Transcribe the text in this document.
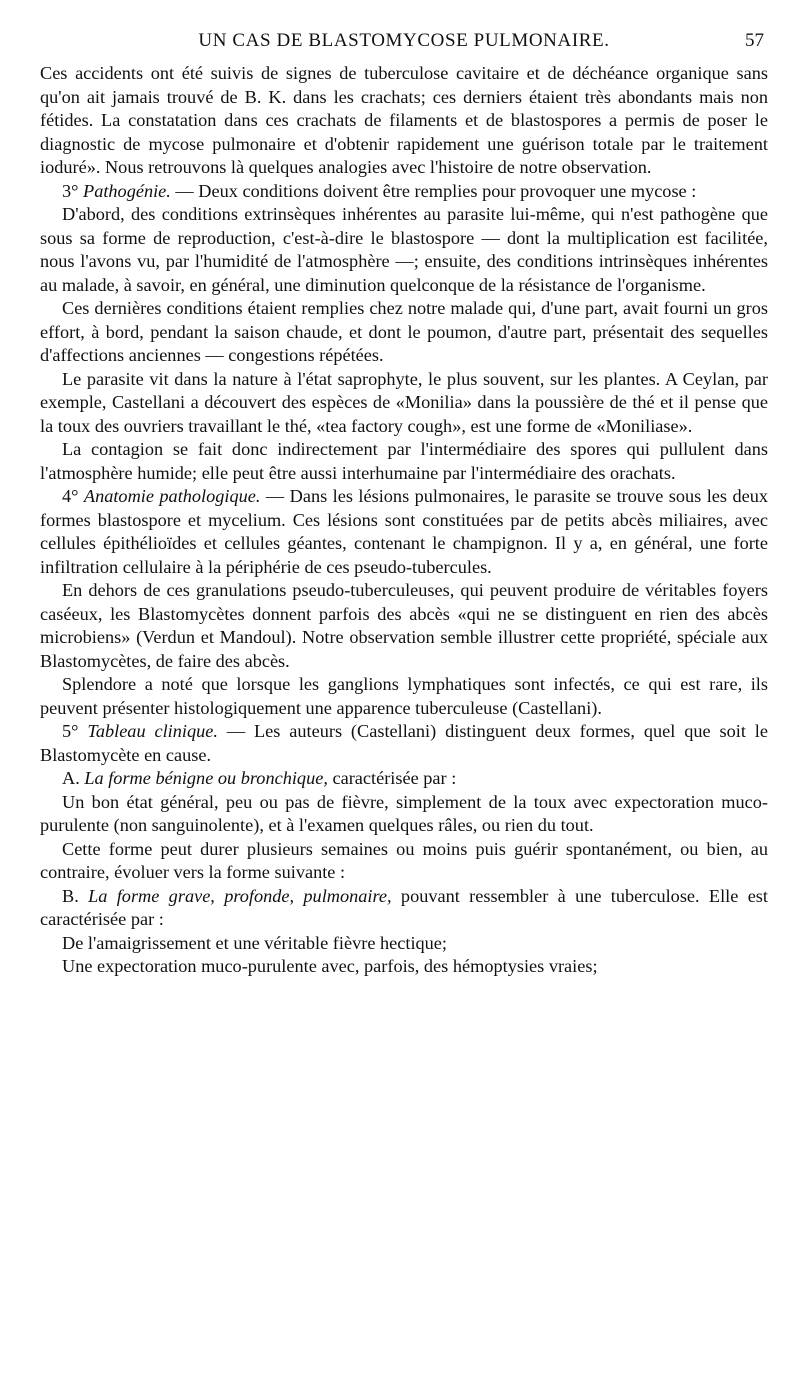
UN CAS DE BLASTOMYCOSE PULMONAIRE.	57

Ces accidents ont été suivis de signes de tuberculose cavitaire et de déchéance organique sans qu'on ait jamais trouvé de B. K. dans les crachats; ces derniers étaient très abondants mais non fétides. La constatation dans ces crachats de filaments et de blastospores a permis de poser le diagnostic de mycose pulmonaire et d'obtenir rapidement une guérison totale par le traitement ioduré». Nous retrouvons là quelques analogies avec l'histoire de notre observation.

3° Pathogénie. — Deux conditions doivent être remplies pour provoquer une mycose :

D'abord, des conditions extrinsèques inhérentes au parasite lui-même, qui n'est pathogène que sous sa forme de reproduction, c'est-à-dire le blastospore — dont la multiplication est facilitée, nous l'avons vu, par l'humidité de l'atmosphère —; ensuite, des conditions intrinsèques inhérentes au malade, à savoir, en général, une diminution quelconque de la résistance de l'organisme.

Ces dernières conditions étaient remplies chez notre malade qui, d'une part, avait fourni un gros effort, à bord, pendant la saison chaude, et dont le poumon, d'autre part, présentait des sequelles d'affections anciennes — congestions répétées.

Le parasite vit dans la nature à l'état saprophyte, le plus souvent, sur les plantes. A Ceylan, par exemple, Castellani a découvert des espèces de «Monilia» dans la poussière de thé et il pense que la toux des ouvriers travaillant le thé, «tea factory cough», est une forme de «Moniliase».

La contagion se fait donc indirectement par l'intermédiaire des spores qui pullulent dans l'atmosphère humide; elle peut être aussi interhumaine par l'intermédiaire des orachats.

4° Anatomie pathologique. — Dans les lésions pulmonaires, le parasite se trouve sous les deux formes blastospore et mycelium. Ces lésions sont constituées par de petits abcès miliaires, avec cellules épithélioïdes et cellules géantes, contenant le champignon. Il y a, en général, une forte infiltration cellulaire à la périphérie de ces pseudo-tubercules.

En dehors de ces granulations pseudo-tuberculeuses, qui peuvent produire de véritables foyers caséeux, les Blastomycètes donnent parfois des abcès «qui ne se distinguent en rien des abcès microbiens» (Verdun et Mandoul). Notre observation semble illustrer cette propriété, spéciale aux Blastomycètes, de faire des abcès.

Splendore a noté que lorsque les ganglions lymphatiques sont infectés, ce qui est rare, ils peuvent présenter histologiquement une apparence tuberculeuse (Castellani).

5° Tableau clinique. — Les auteurs (Castellani) distinguent deux formes, quel que soit le Blastomycète en cause.

A. La forme bénigne ou bronchique, caractérisée par :

Un bon état général, peu ou pas de fièvre, simplement de la toux avec expectoration muco-purulente (non sanguinolente), et à l'examen quelques râles, ou rien du tout.

Cette forme peut durer plusieurs semaines ou moins puis guérir spontanément, ou bien, au contraire, évoluer vers la forme suivante :

B. La forme grave, profonde, pulmonaire, pouvant ressembler à une tuberculose. Elle est caractérisée par :

De l'amaigrissement et une véritable fièvre hectique;

Une expectoration muco-purulente avec, parfois, des hémoptysies vraies;
